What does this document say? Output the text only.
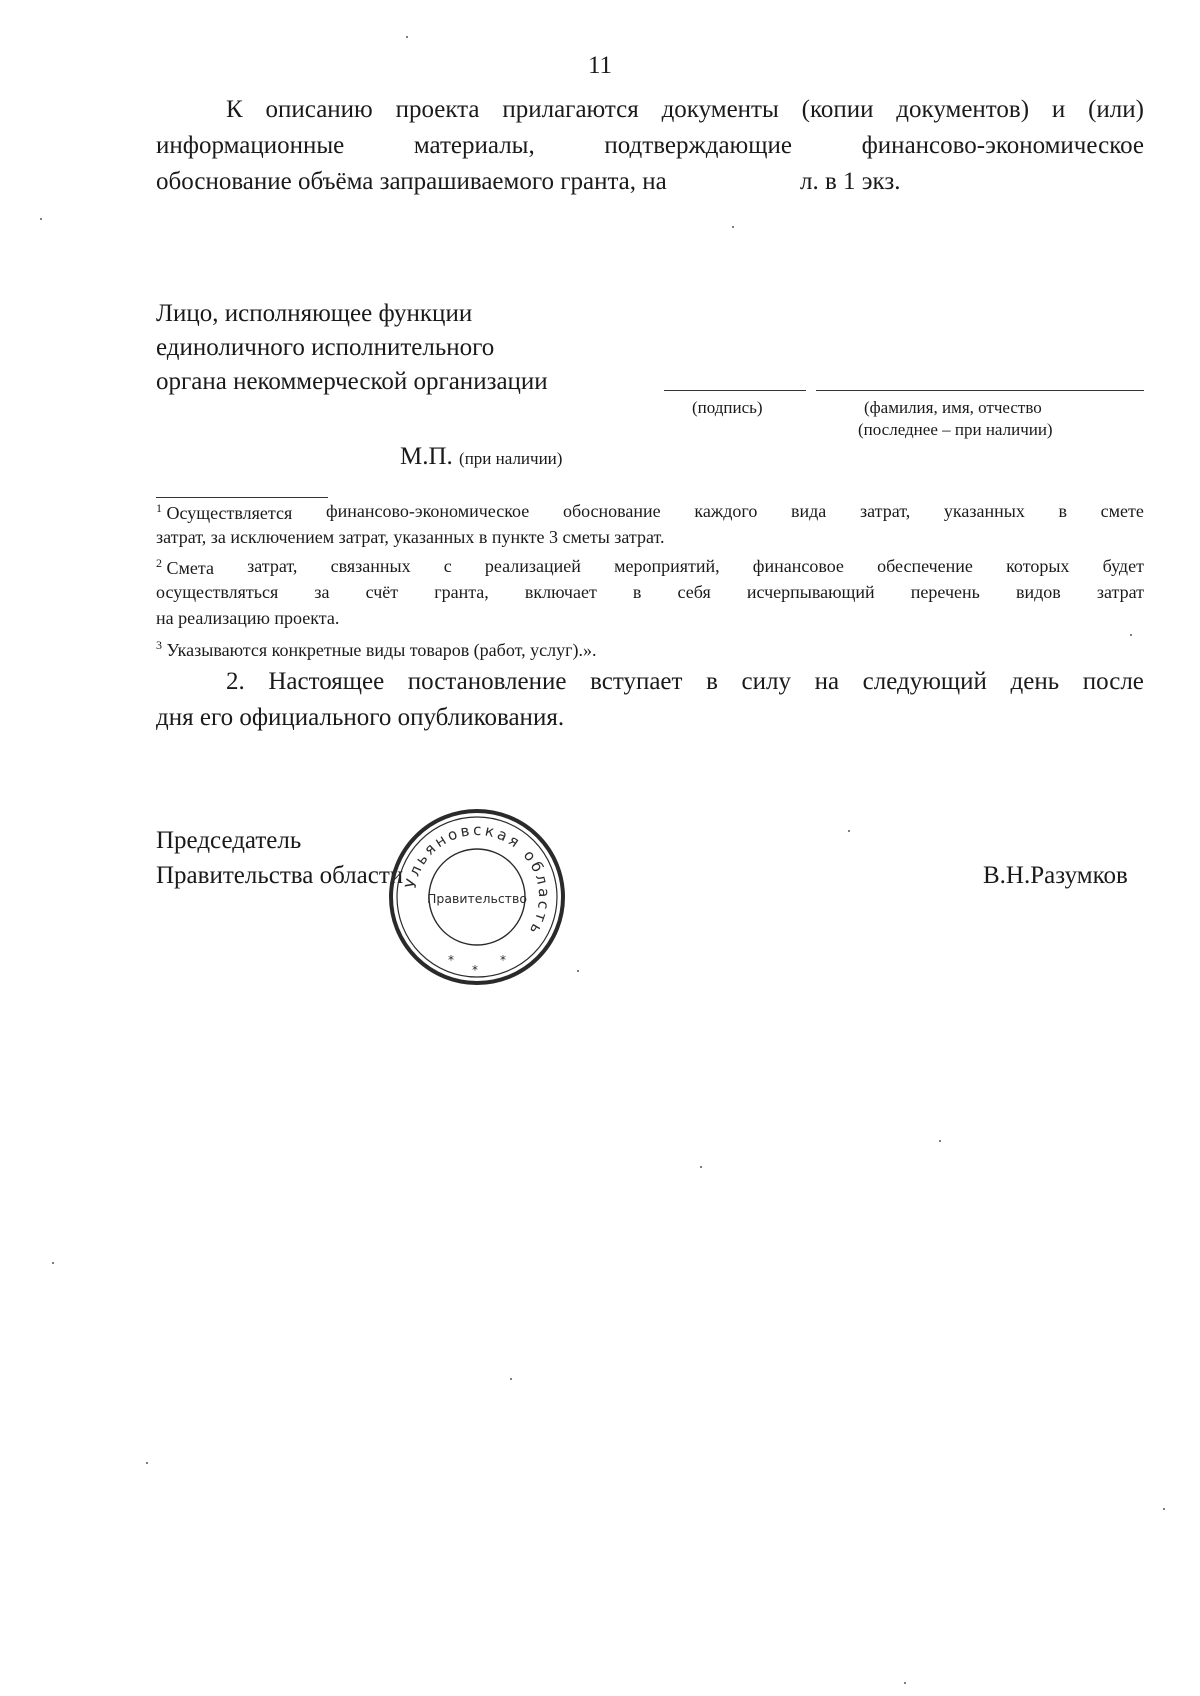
11
К описанию проекта прилагаются документы (копии документов) и (или)
информационные	материалы,	подтверждающие	финансово-экономическое
обоснование объёма запрашиваемого гранта, на	л. в 1 экз.
Лицо, исполняющее функции
единоличного исполнительного
органа некоммерческой организации
(подпись)	(фамилия, имя, отчество
(последнее – при наличии)
М.П. (при наличии)
$^1$ Осуществляется финансово-экономическое обоснование каждого вида затрат, указанных в смете
затрат, за исключением затрат, указанных в пункте 3 сметы затрат.
$^2$ Смета затрат, связанных с реализацией мероприятий, финансовое обеспечение которых будет
осуществляться за счёт гранта, включает в себя исчерпывающий перечень видов затрат
на реализацию проекта.
$^3$ Указываются конкретные виды товаров (работ, услуг).».
2. Настоящее постановление вступает в силу на следующий день после
дня его официального опубликования.
Председатель
Правительства области	В.Н.Разумков
Ульяновская область
Правительство
*
*
*
